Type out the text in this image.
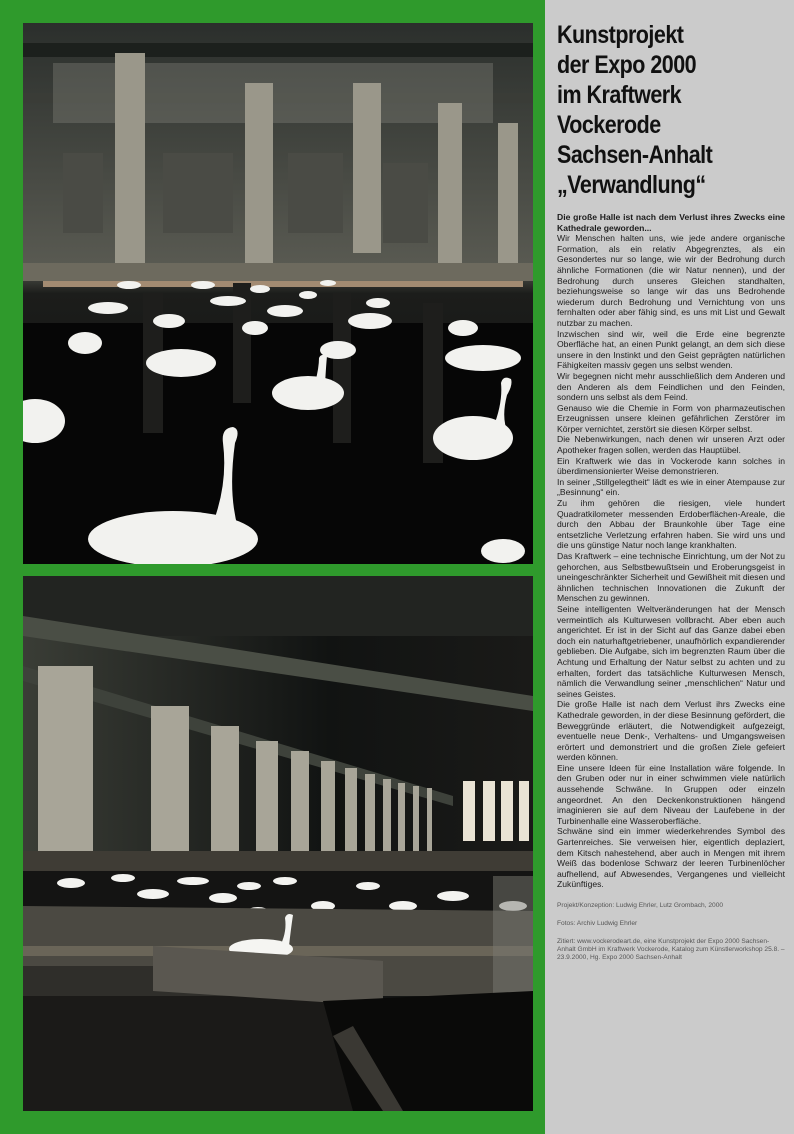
Kunstprojekt
der Expo 2000
im Kraftwerk
Vockerode
Sachsen-Anhalt
„Verwandlung“

Die große Halle ist nach dem Verlust ihres Zwecks eine Kathedrale geworden...

Wir Menschen halten uns, wie jede andere organische Formation, als ein relativ Abgegrenztes, als ein Gesondertes nur so lange, wie wir der Bedrohung durch ähnliche Formationen (die wir Natur nennen), und der Bedrohung durch unseres Gleichen standhalten, beziehungsweise so lange wir das uns Bedrohende wiederum durch Bedrohung und Vernichtung von uns fernhalten oder aber fähig sind, es uns mit List und Gewalt nutzbar zu machen.

Inzwischen sind wir, weil die Erde eine begrenzte Oberfläche hat, an einen Punkt gelangt, an dem sich diese unsere in den Instinkt und den Geist geprägten natürlichen Fähigkeiten massiv gegen uns selbst wenden.

Wir begegnen nicht mehr ausschließlich dem Anderen und den Anderen als dem Feindlichen und den Feinden, sondern uns selbst als dem Feind.

Genauso wie die Chemie in Form von pharmazeutischen Erzeugnissen unsere kleinen gefährlichen Zerstörer im Körper vernichtet, zerstört sie diesen Körper selbst.

Die Nebenwirkungen, nach denen wir unseren Arzt oder Apotheker fragen sollen, werden das Hauptübel.

Ein Kraftwerk wie das in Vockerode kann solches in überdimensionierter Weise demonstrieren.

In seiner „Stillgelegtheit“ lädt es wie in einer Atempause zur „Besinnung“ ein.

Zu ihm gehören die riesigen, viele hundert Quadratkilometer messenden Erdoberflächen-Areale, die durch den Abbau der Braunkohle über Tage eine entsetzliche Verletzung erfahren haben. Sie wird uns und die uns günstige Natur noch lange krankhalten.

Das Kraftwerk – eine technische Einrichtung, um der Not zu gehorchen, aus Selbstbewußtsein und Eroberungsgeist in uneingeschränkter Sicherheit und Gewißheit mit diesen und ähnlichen technischen Innovationen die Zukunft der Menschen zu gewinnen.

Seine intelligenten Weltveränderungen hat der Mensch vermeintlich als Kulturwesen vollbracht. Aber eben auch angerichtet. Er ist in der Sicht auf das Ganze dabei eben doch ein naturhaftgetriebener, unaufhörlich expandierender geblieben. Die Aufgabe, sich im begrenzten Raum über die Achtung und Erhaltung der Natur selbst zu achten und zu erhalten, fordert das tatsächliche Kulturwesen Mensch, nämlich die Verwandlung seiner „menschlichen“ Natur und seines Geistes.

Die große Halle ist nach dem Verlust ihrs Zwecks eine Kathedrale geworden, in der diese Besinnung gefördert, die Beweggründe erläutert, die Notwendigkeit aufgezeigt, eventuelle neue Denk-, Verhaltens- und Umgangsweisen erörtert und demonstriert und die großen Ziele gefeiert werden können.

Eine unsere Ideen für eine Installation wäre folgende. In den Gruben oder nur in einer schwimmen viele natürlich aussehende Schwäne. In Gruppen oder einzeln angeordnet. An den Deckenkonstruktionen hängend imaginieren sie auf dem Niveau der Laufebene in der Turbinenhalle eine Wasseroberfläche.

Schwäne sind ein immer wiederkehrendes Symbol des Gartenreiches. Sie verweisen hier, eigentlich deplaziert, dem Kitsch nahestehend, aber auch in Mengen mit ihrem Weiß das bodenlose Schwarz der leeren Turbinenlöcher aufhellend, auf Abwesendes, Vergangenes und vielleicht Zukünftiges.

Projekt/Konzeption: Ludwig Ehrler, Lutz Grombach, 2000

Fotos: Archiv Ludwig Ehrler

Zitiert: www.vockerodeart.de, eine Kunstprojekt der Expo 2000 Sachsen-Anhalt GmbH im Kraftwerk Vockerode, Katalog zum Künstlerworkshop 25.8. – 23.9.2000, Hg. Expo 2000 Sachsen-Anhalt
